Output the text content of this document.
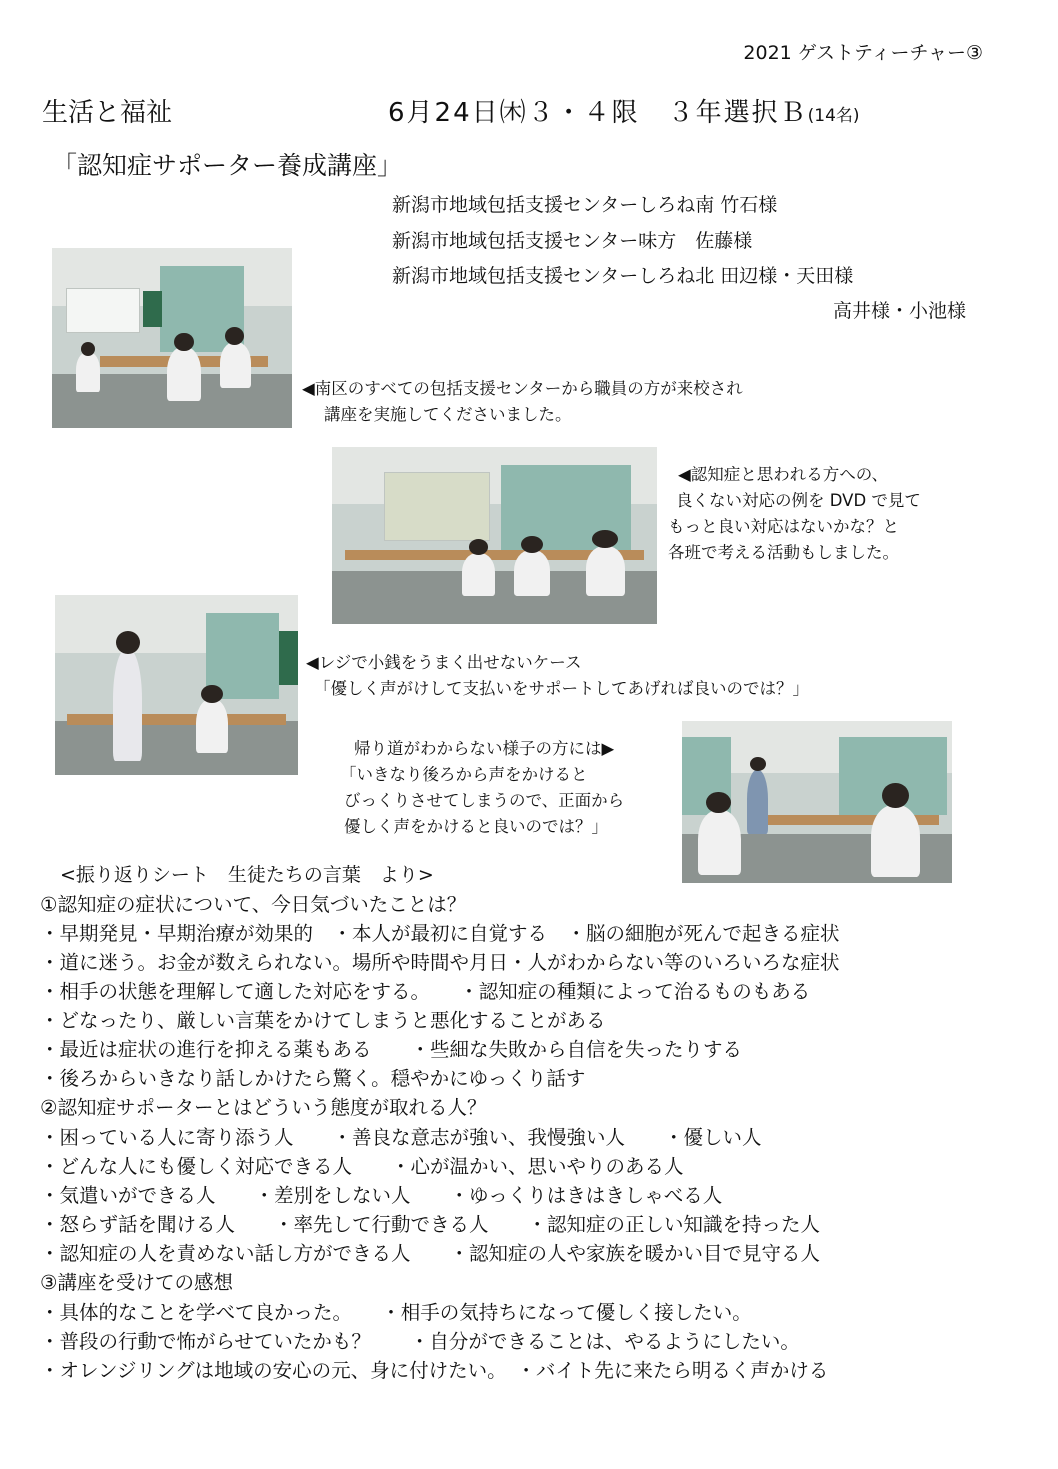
2021 ゲストティーチャー③
生活と福祉	6月24日㈭３・４限　３年選択Ｂ(14名)
「認知症サポーター養成講座」
新潟市地域包括支援センターしろね南 竹石様
新潟市地域包括支援センター味方　佐藤様
新潟市地域包括支援センターしろね北 田辺様・天田様
高井様・小池様
◀南区のすべての包括支援センターから職員の方が来校され
講座を実施してくださいました。
◀認知症と思われる方への、
良くない対応の例を DVD で見て
もっと良い対応はないかな？と
各班で考える活動もしました。
◀レジで小銭をうまく出せないケース
「優しく声がけして支払いをサポートしてあげれば良いのでは？」
帰り道がわからない様子の方には▶
「いきなり後ろから声をかけると
びっくりさせてしまうので、正面から
優しく声をかけると良いのでは？」
<振り返りシート　生徒たちの言葉　より>
①認知症の症状について、今日気づいたことは？
・早期発見・早期治療が効果的　・本人が最初に自覚する　・脳の細胞が死んで起きる症状
・道に迷う。お金が数えられない。場所や時間や月日・人がわからない等のいろいろな症状
・相手の状態を理解して適した対応をする。　　・認知症の種類によって治るものもある
・どなったり、厳しい言葉をかけてしまうと悪化することがある
・最近は症状の進行を抑える薬もある　　・些細な失敗から自信を失ったりする
・後ろからいきなり話しかけたら驚く。穏やかにゆっくり話す
②認知症サポーターとはどういう態度が取れる人？
・困っている人に寄り添う人　　・善良な意志が強い、我慢強い人　　・優しい人
・どんな人にも優しく対応できる人　　・心が温かい、思いやりのある人
・気遣いができる人　　・差別をしない人　　・ゆっくりはきはきしゃべる人
・怒らず話を聞ける人　　・率先して行動できる人　　・認知症の正しい知識を持った人
・認知症の人を責めない話し方ができる人　　・認知症の人や家族を暖かい目で見守る人
③講座を受けての感想
・具体的なことを学べて良かった。　　・相手の気持ちになって優しく接したい。
・普段の行動で怖がらせていたかも？　　・自分ができることは、やるようにしたい。
・オレンジリングは地域の安心の元、身に付けたい。　・バイト先に来たら明るく声かける
